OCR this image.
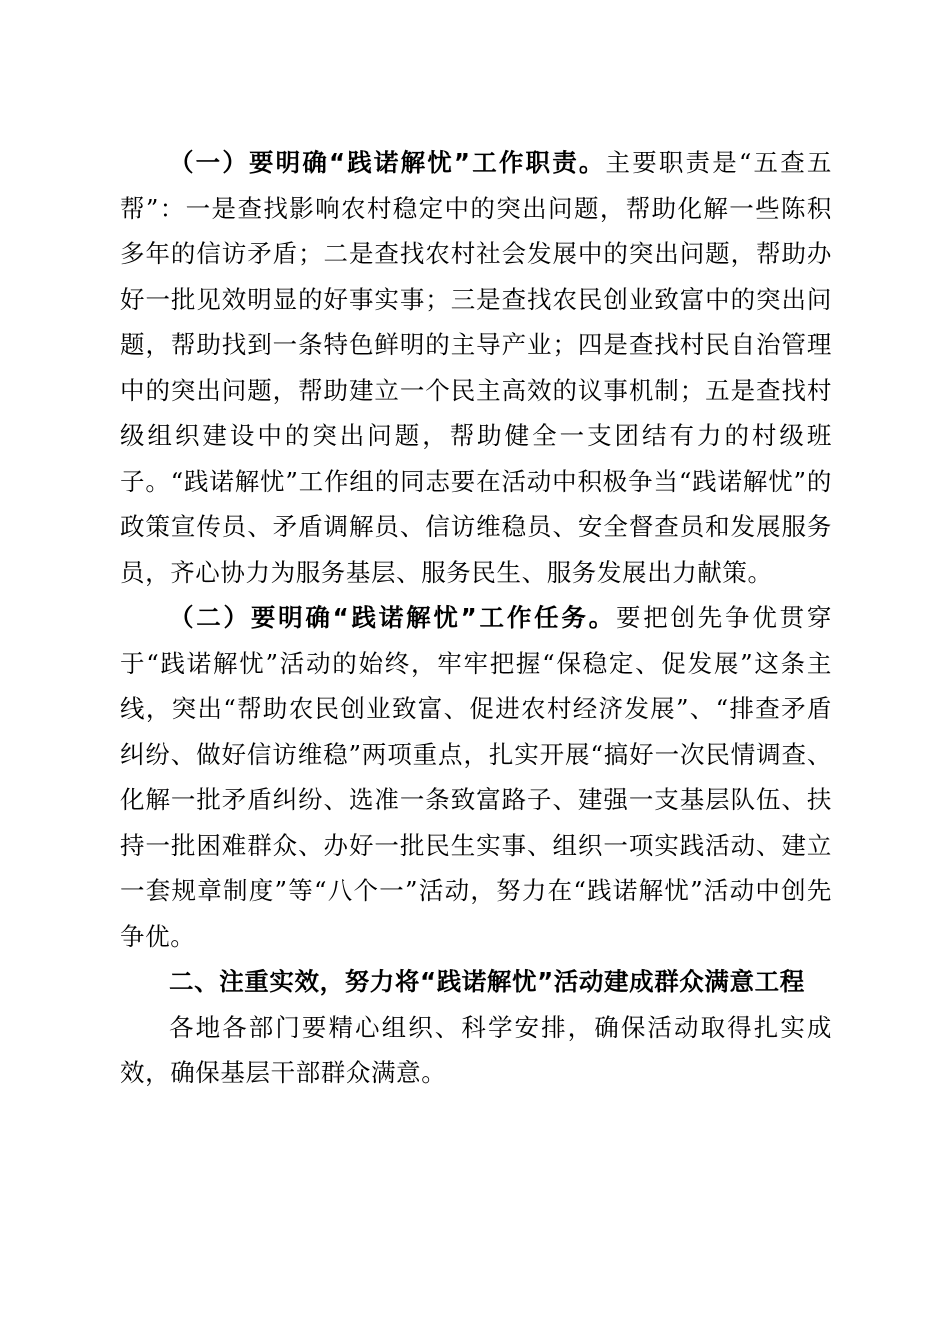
（一）要明确“践诺解忧”工作职责。主要职责是“五查五帮”：一是查找影响农村稳定中的突出问题，帮助化解一些陈积多年的信访矛盾；二是查找农村社会发展中的突出问题，帮助办好一批见效明显的好事实事；三是查找农民创业致富中的突出问题，帮助找到一条特色鲜明的主导产业；四是查找村民自治管理中的突出问题，帮助建立一个民主高效的议事机制；五是查找村级组织建设中的突出问题，帮助健全一支团结有力的村级班子。“践诺解忧”工作组的同志要在活动中积极争当“践诺解忧”的政策宣传员、矛盾调解员、信访维稳员、安全督查员和发展服务员，齐心协力为服务基层、服务民生、服务发展出力献策。

（二）要明确“践诺解忧”工作任务。要把创先争优贯穿于“践诺解忧”活动的始终，牢牢把握“保稳定、促发展”这条主线，突出“帮助农民创业致富、促进农村经济发展”、“排查矛盾纠纷、做好信访维稳”两项重点，扎实开展“搞好一次民情调查、化解一批矛盾纠纷、选准一条致富路子、建强一支基层队伍、扶持一批困难群众、办好一批民生实事、组织一项实践活动、建立一套规章制度”等“八个一”活动，努力在“践诺解忧”活动中创先争优。

二、注重实效，努力将“践诺解忧”活动建成群众满意工程

各地各部门要精心组织、科学安排，确保活动取得扎实成效，确保基层干部群众满意。
